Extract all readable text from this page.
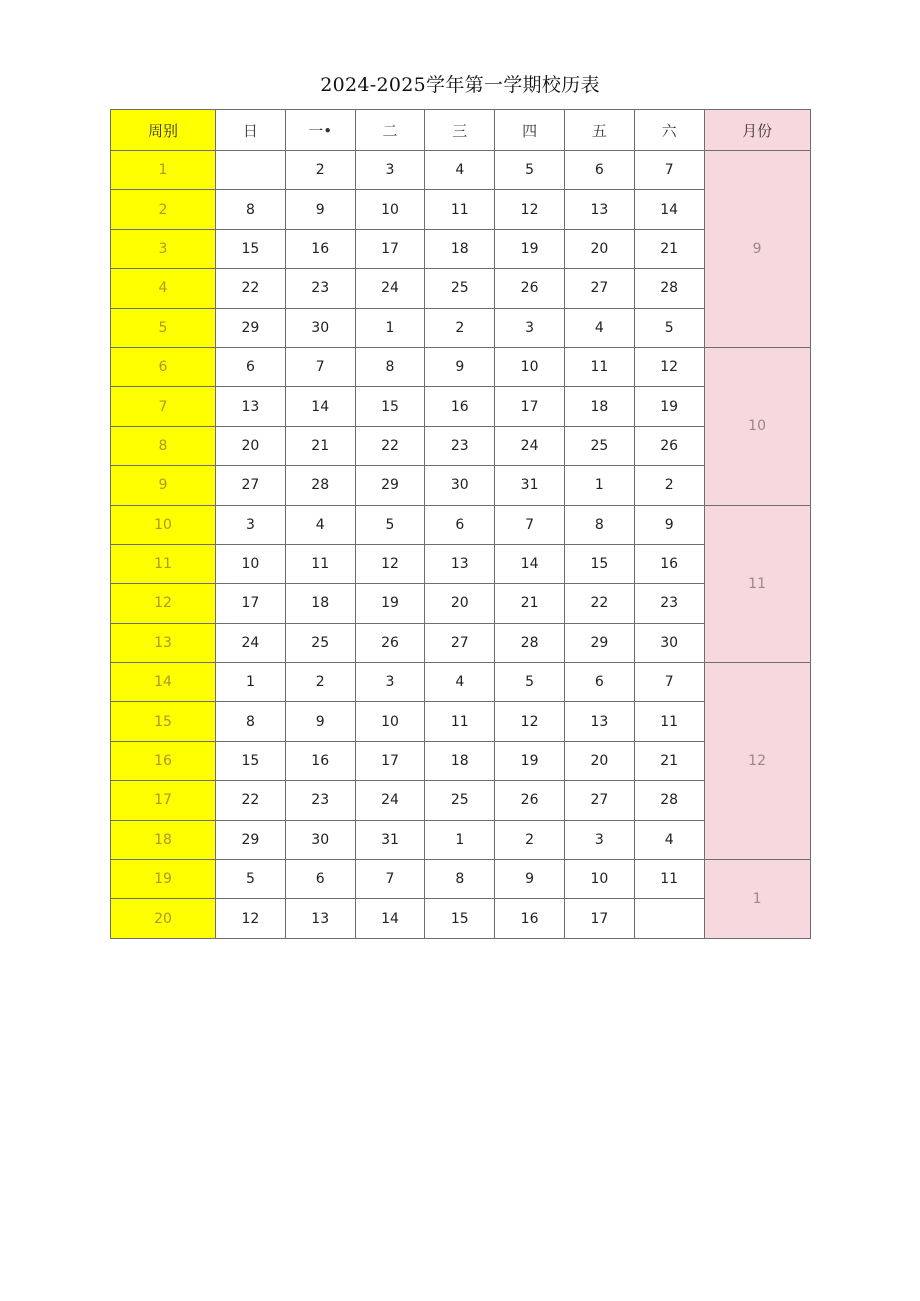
2024-2025学年第一学期校历表
周别	日	一•	二	三	四	五	六	月份
1		2	3	4	5	6	7	9
2	8	9	10	11	12	13	14	
3	15	16	17	18	19	20	21	
4	22	23	24	25	26	27	28	
5	29	30	1	2	3	4	5	
6	6	7	8	9	10	11	12	10
7	13	14	15	16	17	18	19	
8	20	21	22	23	24	25	26	
9	27	28	29	30	31	1	2	
10	3	4	5	6	7	8	9	11
11	10	11	12	13	14	15	16	
12	17	18	19	20	21	22	23	
13	24	25	26	27	28	29	30	
14	1	2	3	4	5	6	7	12
15	8	9	10	11	12	13	11	
16	15	16	17	18	19	20	21	
17	22	23	24	25	26	27	28	
18	29	30	31	1	2	3	4	
19	5	6	7	8	9	10	11	1
20	12	13	14	15	16	17		
